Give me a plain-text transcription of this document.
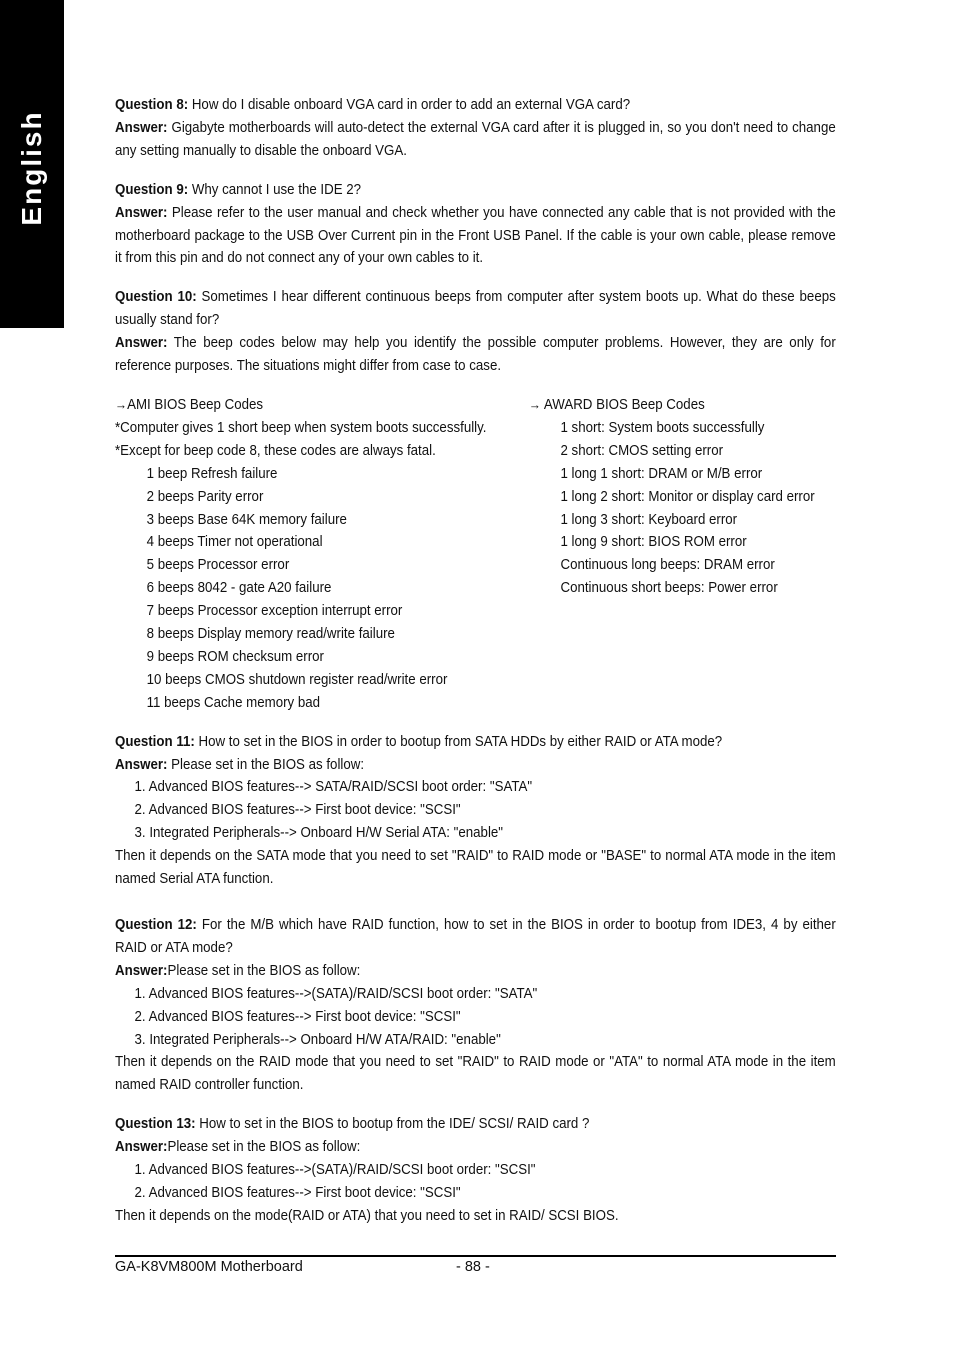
English

Question 8: How do I disable onboard VGA card in order to add an external VGA card?

Answer: Gigabyte motherboards will auto-detect the external VGA card after it is plugged in, so you don't need to change any setting manually to disable the onboard VGA.

Question 9: Why cannot I use the IDE 2?

Answer: Please refer to the user manual and check whether you have connected any cable that is not provided with the motherboard package to the USB Over Current pin in the Front USB Panel. If the cable is your own cable, please remove it from this pin and do not connect any of your own cables to it.

Question 10: Sometimes I hear different continuous beeps from computer after system boots up. What do these beeps usually stand for?

Answer: The beep codes below may help you identify the possible computer problems. However, they are only for reference purposes. The situations might differ from case to case.

→AMI BIOS Beep Codes

*Computer gives 1 short beep when system boots successfully.

*Except for beep code 8, these codes are always fatal.

1 beep Refresh failure

2 beeps Parity error

3 beeps Base 64K memory failure

4 beeps Timer not operational

5 beeps Processor error

6 beeps 8042 - gate A20 failure

7 beeps Processor exception interrupt error

8 beeps Display memory read/write failure

9 beeps ROM checksum error

10 beeps CMOS shutdown register read/write error

11 beeps Cache memory bad

→ AWARD BIOS Beep Codes

1 short: System boots successfully

2 short: CMOS setting error

1 long 1 short: DRAM or M/B error

1 long 2 short: Monitor or display card error

1 long 3 short: Keyboard error

1 long 9 short: BIOS ROM error

Continuous long beeps: DRAM error

Continuous short beeps: Power error

Question 11: How to set in the BIOS in order to bootup from SATA HDDs by either RAID or ATA mode?

Answer: Please set in the BIOS as follow:

1. Advanced BIOS features--> SATA/RAID/SCSI boot order: "SATA"
2. Advanced BIOS features--> First boot device: "SCSI"
3. Integrated Peripherals--> Onboard H/W Serial ATA: "enable"

Then it depends on the SATA mode that you need to set "RAID" to RAID mode or "BASE" to normal ATA mode in the item named Serial ATA function.

Question 12: For the M/B which have RAID function, how to set in the BIOS in order to bootup from IDE3, 4 by either RAID or ATA mode?

Answer:Please set in the BIOS as follow:

1. Advanced BIOS features-->(SATA)/RAID/SCSI boot order: "SATA"
2. Advanced BIOS features--> First boot device: "SCSI"
3. Integrated Peripherals--> Onboard H/W ATA/RAID: "enable"

Then it depends on the RAID mode that you need to set "RAID" to RAID mode or "ATA" to normal ATA mode in the item named RAID controller function.

Question 13: How to set in the BIOS to bootup from the IDE/ SCSI/ RAID card ?

Answer:Please set in the BIOS as follow:

1. Advanced BIOS features-->(SATA)/RAID/SCSI boot order: "SCSI"
2. Advanced BIOS features--> First boot device: "SCSI"

Then it depends on the mode(RAID or ATA) that you need to set in RAID/ SCSI BIOS.

GA-K8VM800M Motherboard	- 88 -
